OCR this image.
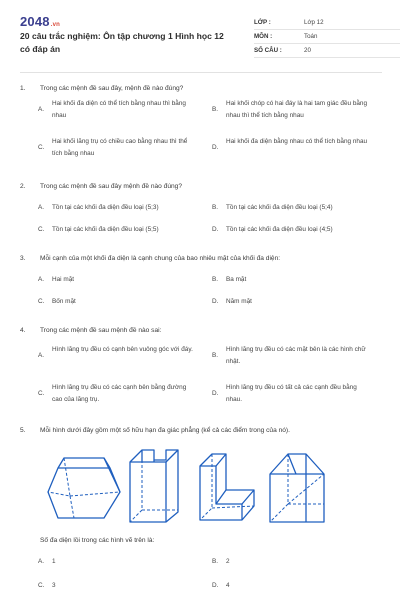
2048.vn
20 câu trắc nghiệm: Ôn tập chương 1 Hình học 12 có đáp án
LỚP :	Lớp 12
MÔN :	Toán
SỐ CÂU :	20
1. Trong các mệnh đề sau đây, mệnh đề nào đúng?
A.
Hai khối đa diện có thể tích bằng nhau thì bằng nhau
B.
Hai khối chóp có hai đáy là hai tam giác đều bằng nhau thì thể tích bằng nhau
C.
Hai khối lăng trụ có chiều cao bằng nhau thì thể tích bằng nhau
D.
Hai khối đa diện bằng nhau có thể tích bằng nhau
2. Trong các mệnh đề sau đây mệnh đề nào đúng?
A. Tồn tại các khối đa diện đều loại (5;3)	B. Tồn tại các khối đa diện đều loại (5;4)
C. Tồn tại các khối đa diện đều loại (5;5)	D. Tồn tại các khối đa diện đều loại (4;5)
3. Mỗi cạnh của một khối đa diện là cạnh chung của bao nhiêu mặt của khối đa diện:
A. Hai mặt	B. Ba mặt
C. Bốn mặt	D. Năm mặt
4. Trong các mệnh đề sau mệnh đề nào sai:
A.
Hình lăng trụ đều có cạnh bên vuông góc với đáy.
B.
Hình lăng trụ đều có các mặt bên là các hình chữ nhật.
C.
Hình lăng trụ đều có các cạnh bên bằng đường cao của lăng trụ.
D.
Hình lăng trụ đều có tất cả các cạnh đều bằng nhau.
5. Mỗi hình dưới đây gồm một số hữu hạn đa giác phẳng (kể cả các điểm trong của nó).
Số đa diện lồi trong các hình vẽ trên là:
A. 1	B. 2
C. 3	D. 4
